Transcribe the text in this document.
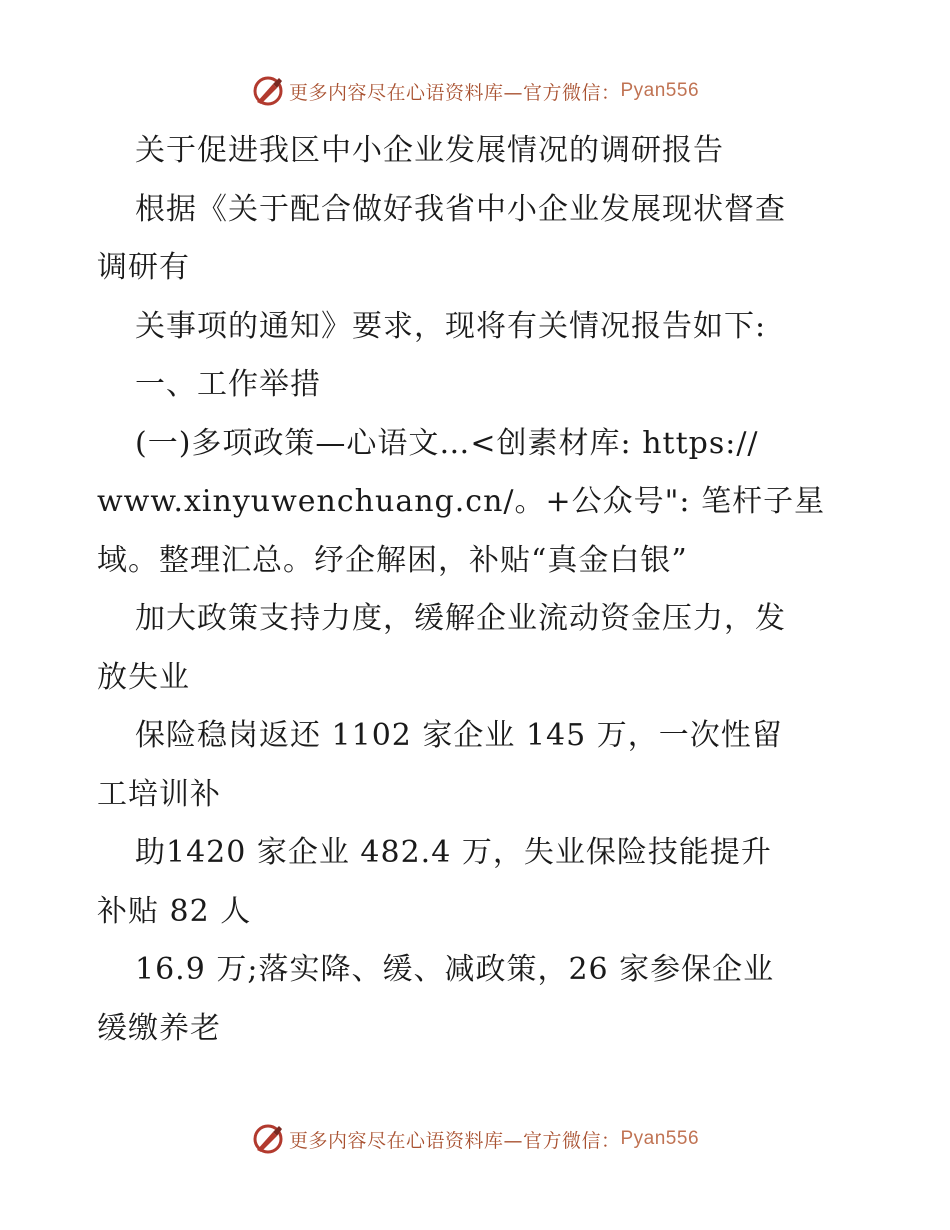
更多内容尽在心语资料库—官方微信： Pyan556
关于促进我区中小企业发展情况的调研报告
根据《关于配合做好我省中小企业发展现状督查
调研有
关事项的通知》要求，现将有关情况报告如下:
一、工作举措
(一)多项政策—心语文…<创素材库: https://
www.xinyuwenchuang.cn/。+公众号": 笔杆子星
域。整理汇总。纾企解困，补贴“真金白银”
加大政策支持力度，缓解企业流动资金压力，发
放失业
保险稳岗返还 1102 家企业 145 万，一次性留
工培训补
助1420 家企业 482.4 万，失业保险技能提升
补贴 82 人
16.9 万;落实降、缓、减政策，26 家参保企业
缓缴养老
更多内容尽在心语资料库—官方微信： Pyan556
